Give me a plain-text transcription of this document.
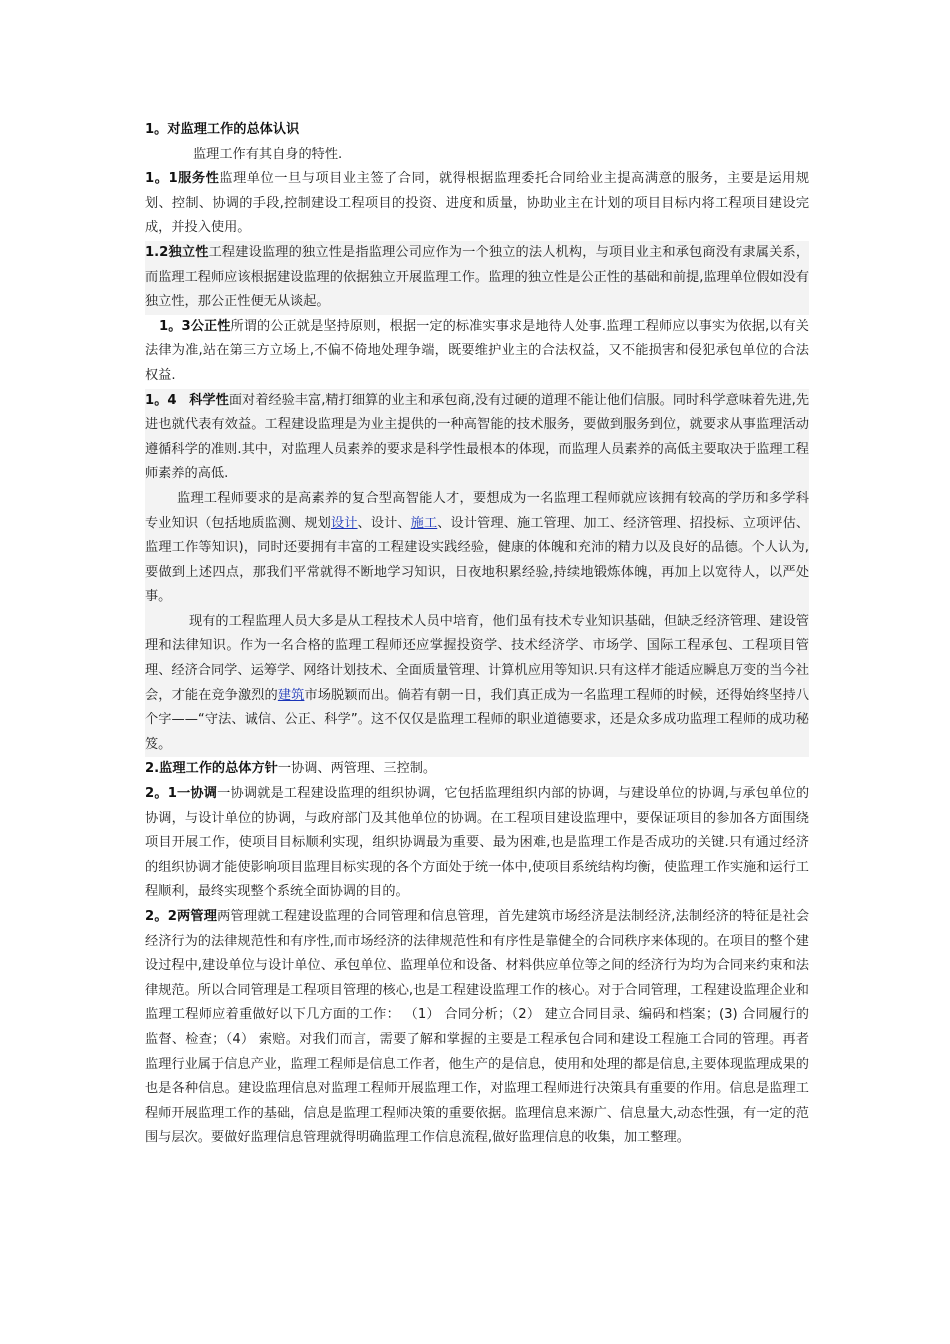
1。对监理工作的总体认识

监理工作有其自身的特性.

1。1服务性监理单位一旦与项目业主签了合同，就得根据监理委托合同给业主提高满意的服务，主要是运用规划、控制、协调的手段,控制建设工程项目的投资、进度和质量，协助业主在计划的项目目标内将工程项目建设完成，并投入使用。

1.2独立性工程建设监理的独立性是指监理公司应作为一个独立的法人机构，与项目业主和承包商没有隶属关系，而监理工程师应该根据建设监理的依据独立开展监理工作。监理的独立性是公正性的基础和前提,监理单位假如没有独立性，那公正性便无从谈起。

1。3公正性所谓的公正就是坚持原则，根据一定的标准实事求是地待人处事.监理工程师应以事实为依据,以有关法律为准,站在第三方立场上,不偏不倚地处理争端，既要维护业主的合法权益，又不能损害和侵犯承包单位的合法权益.

1。4 科学性面对着经验丰富,精打细算的业主和承包商,没有过硬的道理不能让他们信服。同时科学意味着先进,先进也就代表有效益。工程建设监理是为业主提供的一种高智能的技术服务，要做到服务到位，就要求从事监理活动遵循科学的准则.其中，对监理人员素养的要求是科学性最根本的体现，而监理人员素养的高低主要取决于监理工程师素养的高低.

监理工程师要求的是高素养的复合型高智能人才，要想成为一名监理工程师就应该拥有较高的学历和多学科专业知识（包括地质监测、规划设计、设计、施工、设计管理、施工管理、加工、经济管理、招投标、立项评估、监理工作等知识)，同时还要拥有丰富的工程建设实践经验，健康的体魄和充沛的精力以及良好的品德。个人认为,要做到上述四点，那我们平常就得不断地学习知识，日夜地积累经验,持续地锻炼体魄，再加上以宽待人，以严处事。

现有的工程监理人员大多是从工程技术人员中培育，他们虽有技术专业知识基础，但缺乏经济管理、建设管理和法律知识。作为一名合格的监理工程师还应掌握投资学、技术经济学、市场学、国际工程承包、工程项目管理、经济合同学、运筹学、网络计划技术、全面质量管理、计算机应用等知识.只有这样才能适应瞬息万变的当今社会，才能在竞争激烈的建筑市场脱颖而出。倘若有朝一日，我们真正成为一名监理工程师的时候，还得始终坚持八个字——“守法、诚信、公正、科学”。这不仅仅是监理工程师的职业道德要求，还是众多成功监理工程师的成功秘笈。

2.监理工作的总体方针一协调、两管理、三控制。

2。1一协调一协调就是工程建设监理的组织协调，它包括监理组织内部的协调，与建设单位的协调,与承包单位的协调，与设计单位的协调，与政府部门及其他单位的协调。在工程项目建设监理中，要保证项目的参加各方面围绕项目开展工作，使项目目标顺利实现，组织协调最为重要、最为困难,也是监理工作是否成功的关键.只有通过经济的组织协调才能使影响项目监理目标实现的各个方面处于统一体中,使项目系统结构均衡，使监理工作实施和运行工程顺利，最终实现整个系统全面协调的目的。

2。2两管理两管理就工程建设监理的合同管理和信息管理，首先建筑市场经济是法制经济,法制经济的特征是社会经济行为的法律规范性和有序性,而市场经济的法律规范性和有序性是靠健全的合同秩序来体现的。在项目的整个建设过程中,建设单位与设计单位、承包单位、监理单位和设备、材料供应单位等之间的经济行为均为合同来约束和法律规范。所以合同管理是工程项目管理的核心,也是工程建设监理工作的核心。对于合同管理，工程建设监理企业和监理工程师应着重做好以下几方面的工作： （1） 合同分析；（2） 建立合同目录、编码和档案；(3) 合同履行的监督、检查；（4） 索赔。对我们而言，需要了解和掌握的主要是工程承包合同和建设工程施工合同的管理。再者监理行业属于信息产业，监理工程师是信息工作者，他生产的是信息，使用和处理的都是信息,主要体现监理成果的也是各种信息。建设监理信息对监理工程师开展监理工作，对监理工程师进行决策具有重要的作用。信息是监理工程师开展监理工作的基础，信息是监理工程师决策的重要依据。监理信息来源广、信息量大,动态性强，有一定的范围与层次。要做好监理信息管理就得明确监理工作信息流程,做好监理信息的收集，加工整理。
